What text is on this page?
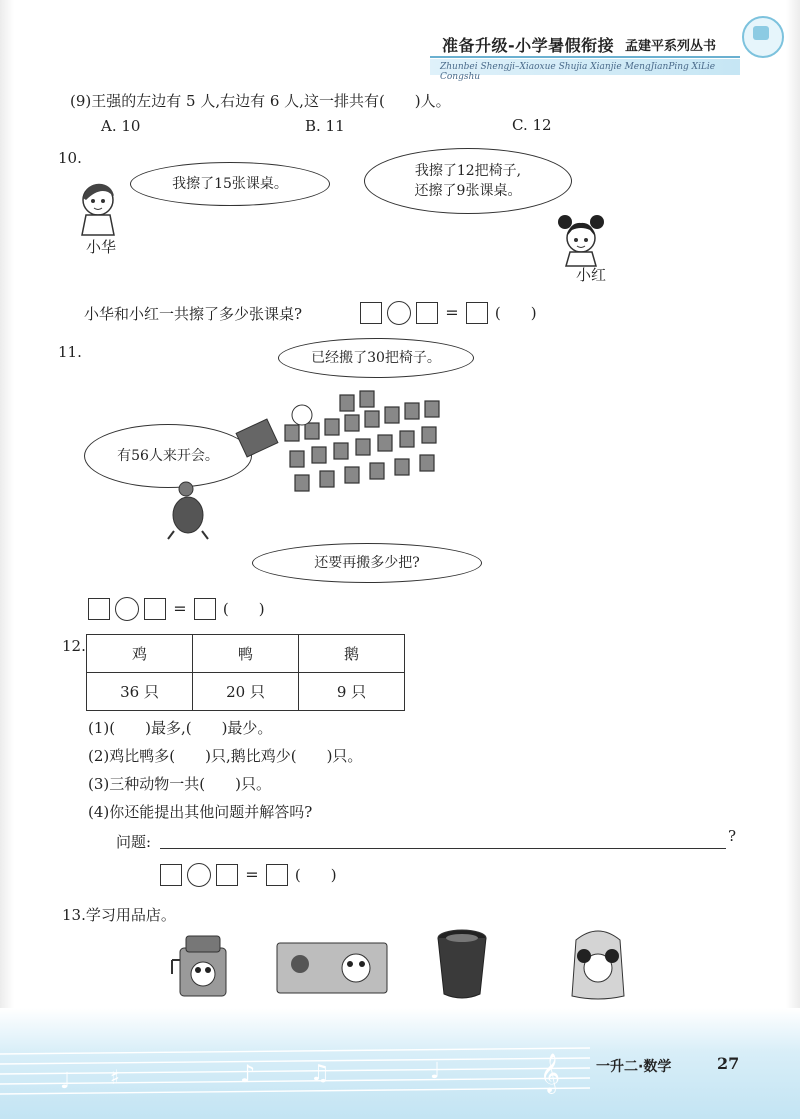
准备升级-小学暑假衔接 孟建平系列丛书
Zhunbei Shengji–Xiaoxue Shujia Xianjie MengJianPing XiLie Congshu
(9)王强的左边有 5 人,右边有 6 人,这一排共有(　　)人。
A. 10	B. 11	C. 12
10.
小华
我擦了15张课桌。
我擦了12把椅子,
还擦了9张课桌。
小红
小华和小红一共擦了多少张课桌?	= (　　)
11.	已经搬了30把椅子。
有56人来开会。
还要再搬多少把?
= (　　)
12.	鸡	鸭	鹅
36 只	20 只	9 只
(1)(　　)最多,(　　)最少。
(2)鸡比鸭多(　　)只,鹅比鸡少(　　)只。
(3)三种动物一共(　　)只。
(4)你还能提出其他问题并解答吗?
问题:	?
= (　　)
13.学习用品店。
♩ ♯	♪ ♫	♩	𝄞	一升二·数学	27
